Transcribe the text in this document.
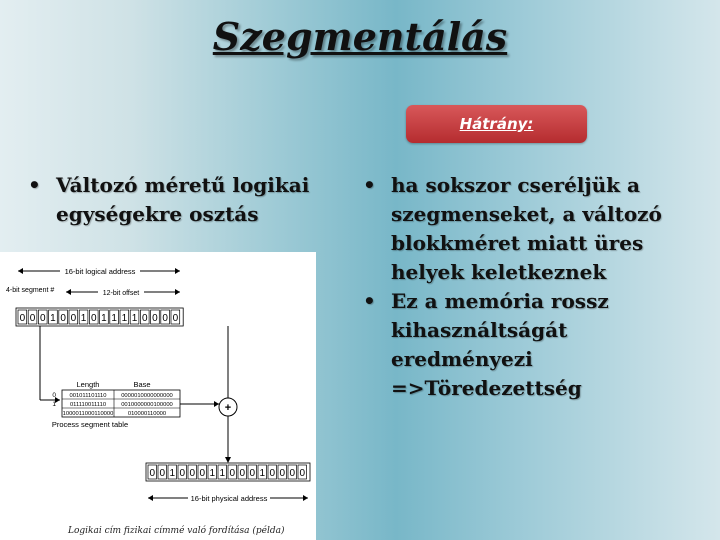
Szegmentálás
Hátrány:
• Változó méretű logikai egységekre osztás
• ha sokszor cseréljük a szegmenseket, a változó blokkméret miatt üres helyek keletkeznek
• Ez a memória rossz kihasználtságát eredményezi =>Töredezettség
16-bit logical address
4-bit segment #	12-bit offset
0 0 0 1 0 0 1 0 1 1 1 1 0 0 0 0
Length	Base
0
1
001011101110	0000010000000000
011110011110	0010000000100000
1000011000110000	010000110000
Process segment table
+
0 0 1 0 0 0 1 1 0 0 0 1 0 0 0 0
16-bit physical address
Logikai cím fizikai címmé való fordítása (példa)
